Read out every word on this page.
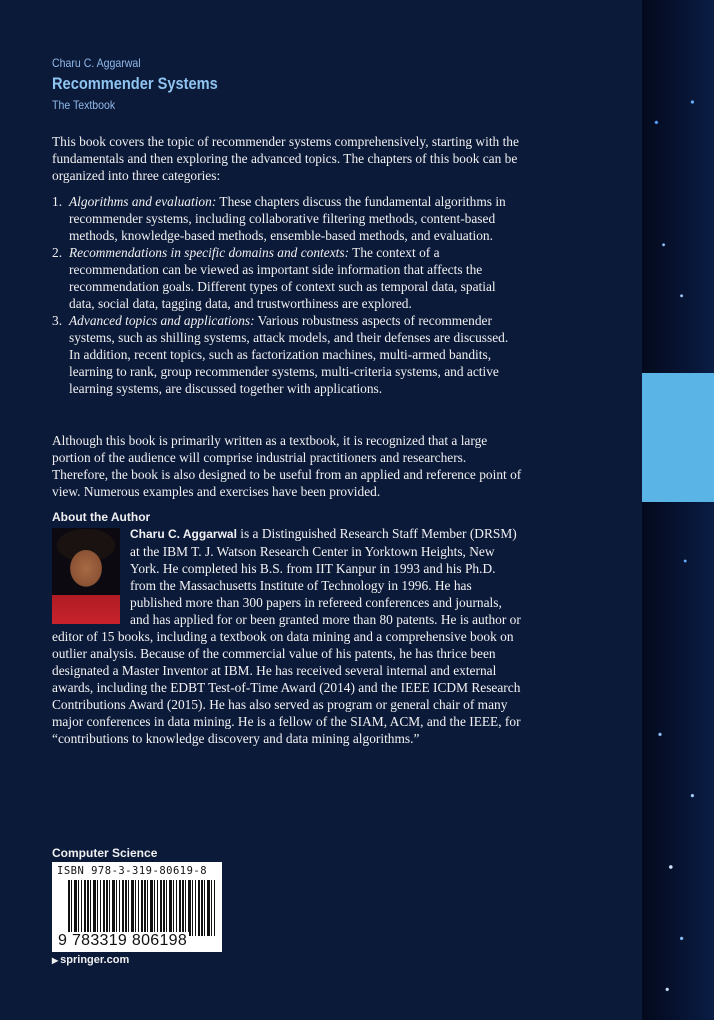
Charu C. Aggarwal
Recommender Systems
The Textbook

This book covers the topic of recommender systems comprehensively, starting with the fundamentals and then exploring the advanced topics. The chapters of this book can be organized into three categories:

1. Algorithms and evaluation: These chapters discuss the fundamental algorithms in recommender systems, including collaborative filtering methods, content-based methods, knowledge-based methods, ensemble-based methods, and evaluation.
2. Recommendations in specific domains and contexts: The context of a recommendation can be viewed as important side information that affects the recommendation goals. Different types of context such as temporal data, spatial data, social data, tagging data, and trustworthiness are explored.
3. Advanced topics and applications: Various robustness aspects of recommender systems, such as shilling systems, attack models, and their defenses are discussed. In addition, recent topics, such as factorization machines, multi-armed bandits, learning to rank, group recommender systems, multi-criteria systems, and active learning systems, are discussed together with applications.

Although this book is primarily written as a textbook, it is recognized that a large portion of the audience will comprise industrial practitioners and researchers. Therefore, the book is also designed to be useful from an applied and reference point of view. Numerous examples and exercises have been provided.

About the Author
Charu C. Aggarwal
is a Distinguished Research Staff Member (DRSM) at the IBM T. J. Watson Research Center in Yorktown Heights, New York. He completed his B.S. from IIT Kanpur in 1993 and his Ph.D. from the Massachusetts Institute of Technology in 1996. He has published more than 300 papers in refereed conferences and journals, and has applied for or been granted more than 80 patents. He is author or editor of 15 books, including a textbook on data mining and a comprehensive book on outlier analysis. Because of the commercial value of his patents, he has thrice been designated a Master Inventor at IBM. He has received several internal and external awards, including the EDBT Test-of-Time Award (2014) and the IEEE ICDM Research Contributions Award (2015). He has also served as program or general chair of many major conferences in data mining. He is a fellow of the SIAM, ACM, and the IEEE, for “contributions to knowledge discovery and data mining algorithms.”
Computer Science
ISBN 978-3-319-80619-8
9 783319 806198
▶ springer.com
